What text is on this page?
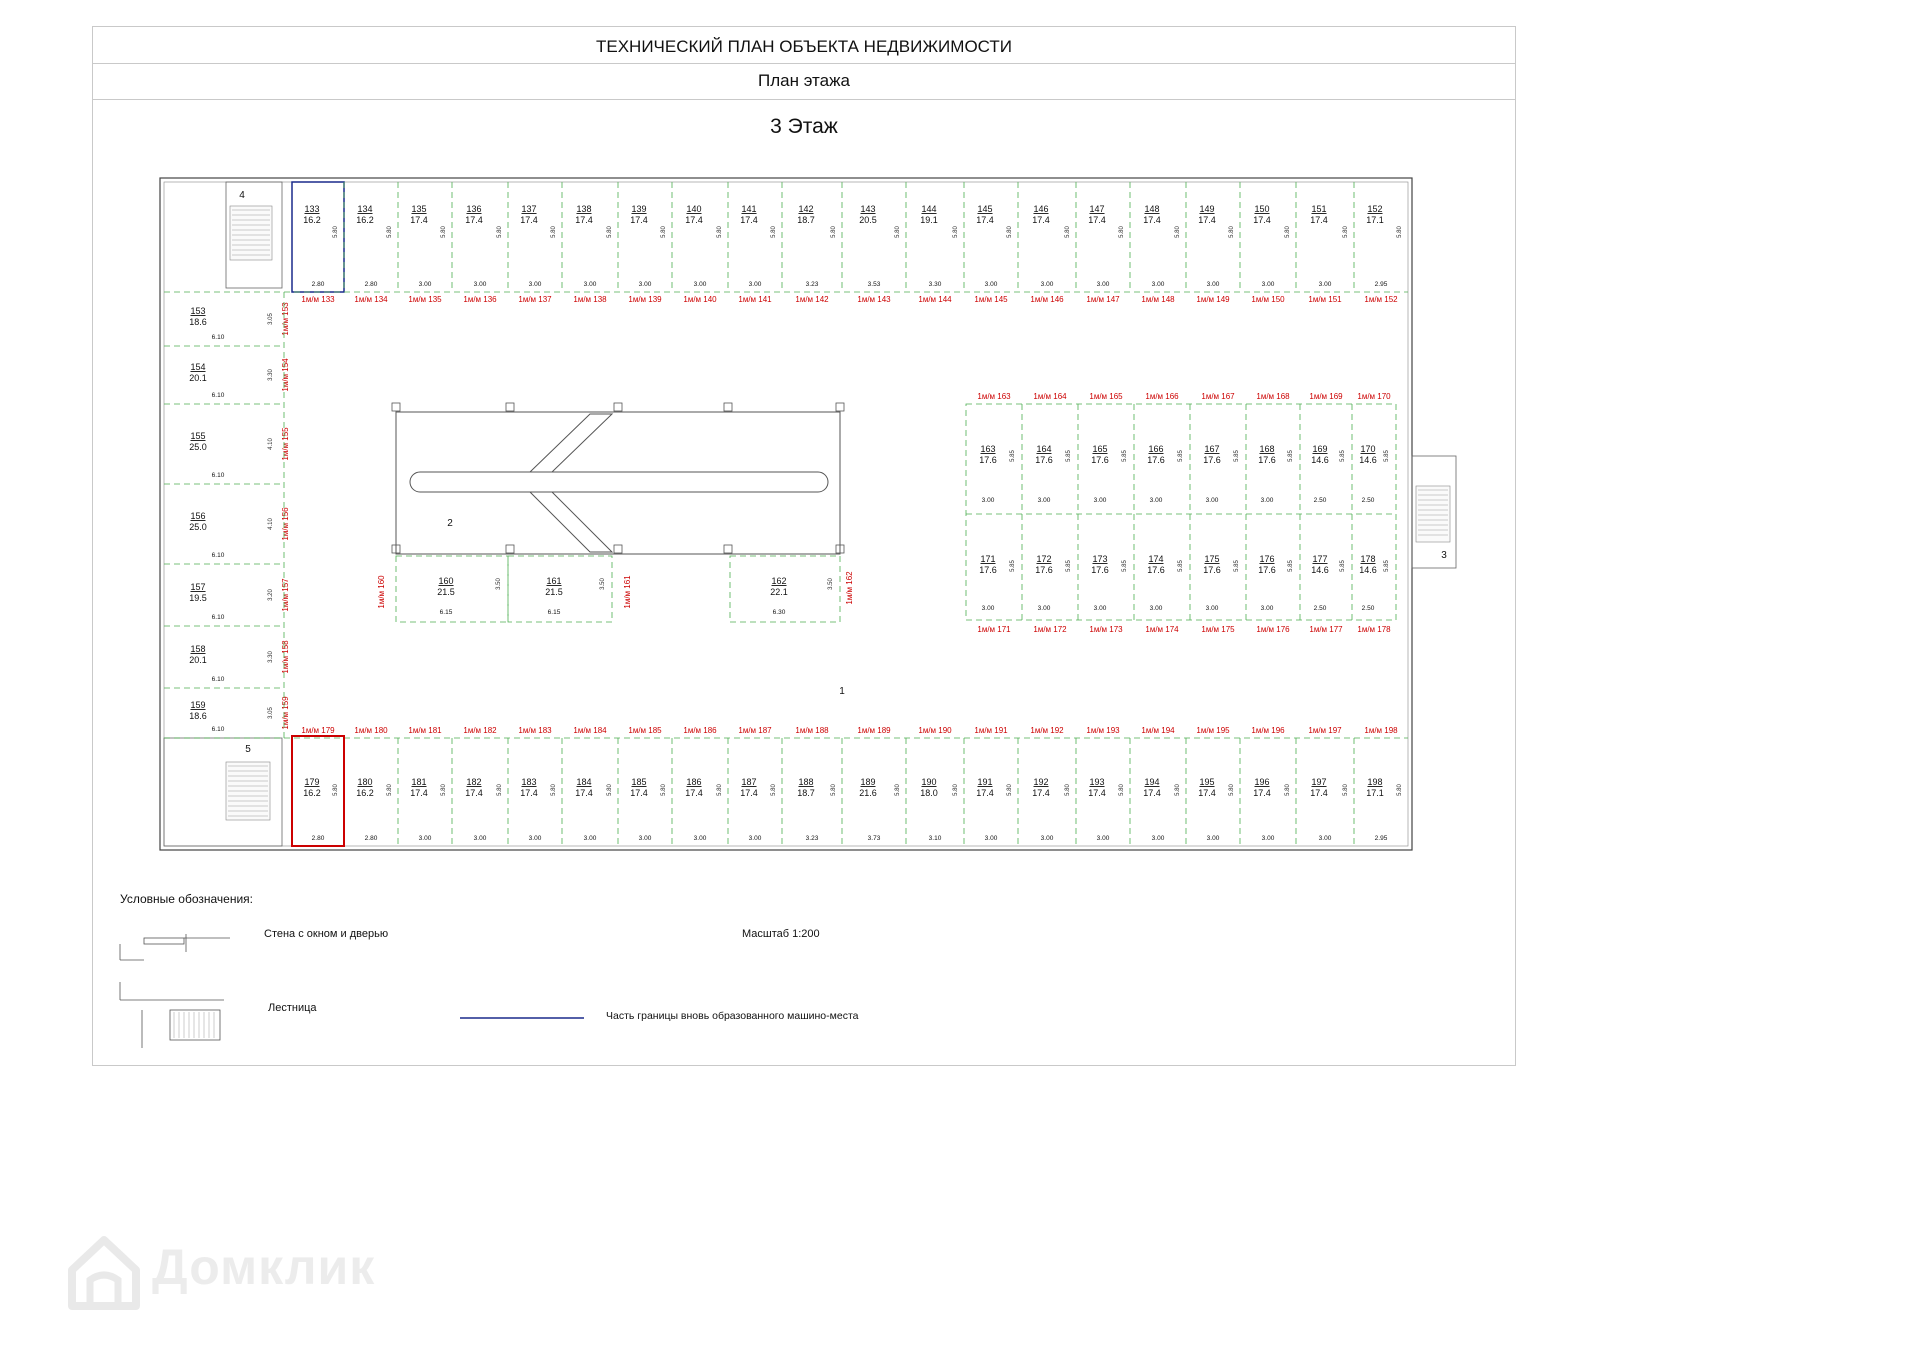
ТЕХНИЧЕСКИЙ ПЛАН ОБЪЕКТА НЕДВИЖИМОСТИ
План этажа
3 Этаж
133
16.2
5.80
2.80
1м/м 133
134
16.2
5.80
2.80
1м/м 134
135
17.4
5.80
3.00
1м/м 135
136
17.4
5.80
3.00
1м/м 136
137
17.4
5.80
3.00
1м/м 137
138
17.4
5.80
3.00
1м/м 138
139
17.4
5.80
3.00
1м/м 139
140
17.4
5.80
3.00
1м/м 140
141
17.4
5.80
3.00
1м/м 141
142
18.7
5.80
3.23
1м/м 142
143
20.5
5.80
3.53
1м/м 143
144
19.1
5.80
3.30
1м/м 144
145
17.4
5.80
3.00
1м/м 145
146
17.4
5.80
3.00
1м/м 146
147
17.4
5.80
3.00
1м/м 147
148
17.4
5.80
3.00
1м/м 148
149
17.4
5.80
3.00
1м/м 149
150
17.4
5.80
3.00
1м/м 150
151
17.4
5.80
3.00
1м/м 151
152
17.1
5.80
2.95
1м/м 152
4
1м/м 179
179
16.2 5.80
2.80
1м/м 180
180
16.2 5.80
2.80
1м/м 181
181
17.4 5.80
3.00
1м/м 182
182
17.4 5.80
3.00
1м/м 183
183
17.4 5.80
3.00
1м/м 184
184
17.4 5.80
3.00
1м/м 185
185
17.4 5.80
3.00
1м/м 186
186
17.4 5.80
3.00
1м/м 187
187
17.4 5.80
3.00
1м/м 188
188
18.7	5.80
3.23
1м/м 189
189
21.6	5.80
3.73
1м/м 190
190
18.0	5.80
3.10
1м/м 191
191
17.4 5.80
3.00
1м/м 192
192
17.4	5.80
3.00
1м/м 193
193
17.4 5.80
3.00
1м/м 194
194
17.4 5.80
3.00
1м/м 195
195
17.4 5.80
3.00
1м/м 196
196
17.4 5.80
3.00
1м/м 197
197
17.4	5.80
3.00
1м/м 198
198
17.1 5.80
2.95
5
153
18.6	3.05
6.10
1м/м 153
154
20.1	3.30
6.10
1м/м 154
155
25.0	4.10
6.10
1м/м 155
156
25.0	4.10
6.10
1м/м 156
157
19.5	3.20
6.10
1м/м 157
158
20.1	3.30
6.10
1м/м 158
159
18.6	3.05
6.10	1м/м 159
2
160
21.5
3.50
6.15
161
21.5
3.50
6.15
162
22.1
3.50
6.30
1м/м 160	1м/м 161	1м/м 162
1м/м 163
163
17.6 5.85
3.00
171
17.6 5.85
3.00
1м/м 171
1м/м 164
164
17.6 5.85
3.00
172
17.6 5.85
3.00
1м/м 172
1м/м 165
165
17.6 5.85
3.00
173
17.6 5.85
3.00
1м/м 173
1м/м 166
166
17.6 5.85
3.00
174
17.6 5.85
3.00
1м/м 174
1м/м 167
167
17.6 5.85
3.00
175
17.6 5.85
3.00
1м/м 175
1м/м 168
168
17.6 5.85
3.00
176
17.6 5.85
3.00
1м/м 176
1м/м 169
169
14.6 5.85
2.50
177
14.6 5.85
2.50
1м/м 177
1м/м 170
170
14.6 5.85
2.50
178
14.6 5.85
2.50
1м/м 178
3
1
Условные обозначения:
Стена с окном и дверью	Масштаб 1:200
Лестница
Часть границы вновь образованного машино-места
Домклик
